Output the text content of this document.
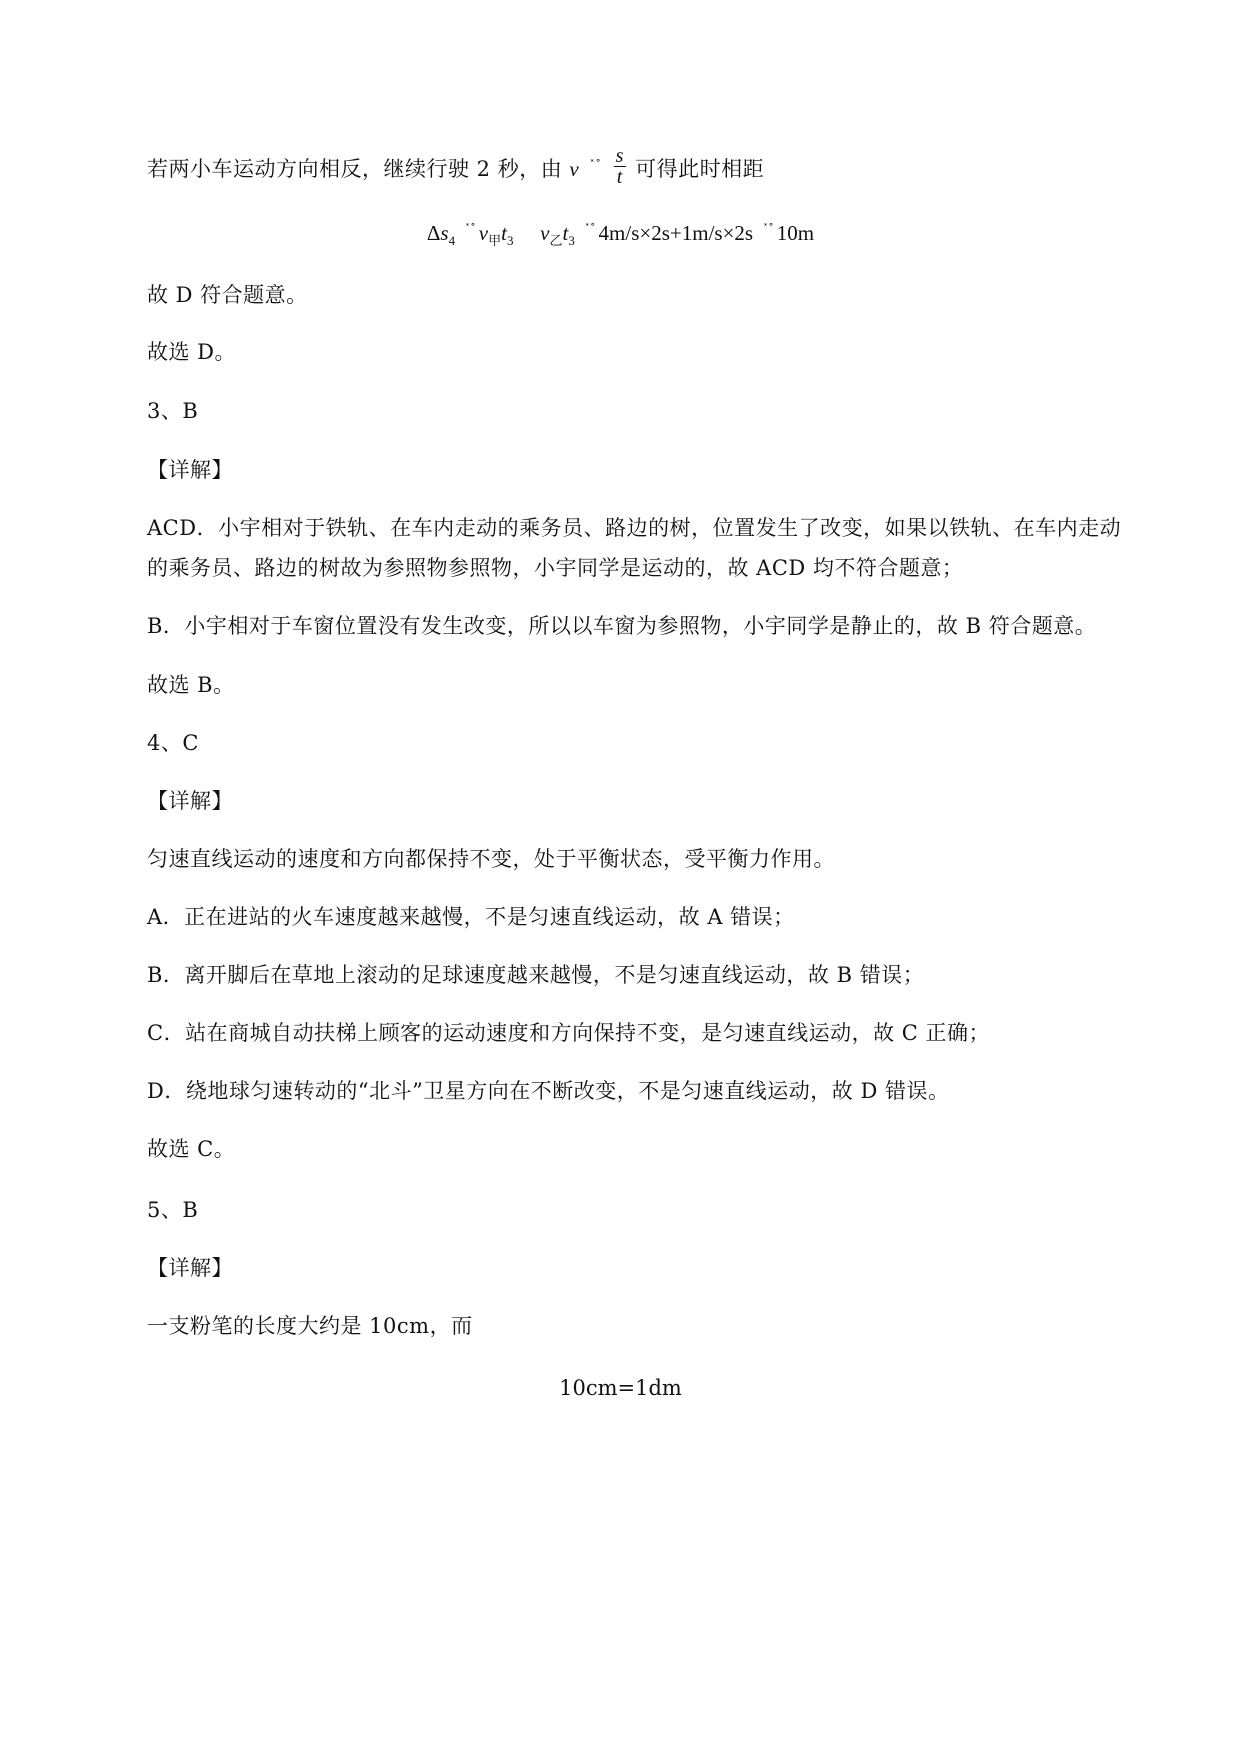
若两小车运动方向相反，继续行驶 2 秒，由 v $^{˟˚} \frac{s}{t}$ 可得此时相距
$\Delta s_4$ ˟˚ $v_甲t_3$ $v_乙t_3$ ˟˚ 4m/s×2s+1m/s×2s ˟˚ 10m
故 D 符合题意。
故选 D。
3、B
【详解】
ACD．小宇相对于铁轨、在车内走动的乘务员、路边的树，位置发生了改变，如果以铁轨、在车内走动
的乘务员、路边的树故为参照物参照物，小宇同学是运动的，故 ACD 均不符合题意；
B．小宇相对于车窗位置没有发生改变，所以以车窗为参照物，小宇同学是静止的，故 B 符合题意。
故选 B。
4、C
【详解】
匀速直线运动的速度和方向都保持不变，处于平衡状态，受平衡力作用。
A．正在进站的火车速度越来越慢，不是匀速直线运动，故 A 错误；
B．离开脚后在草地上滚动的足球速度越来越慢，不是匀速直线运动，故 B 错误；
C．站在商城自动扶梯上顾客的运动速度和方向保持不变，是匀速直线运动，故 C 正确；
D．绕地球匀速转动的“北斗”卫星方向在不断改变，不是匀速直线运动，故 D 错误。
故选 C。
5、B
【详解】
一支粉笔的长度大约是 10cm，而
10cm=1dm
